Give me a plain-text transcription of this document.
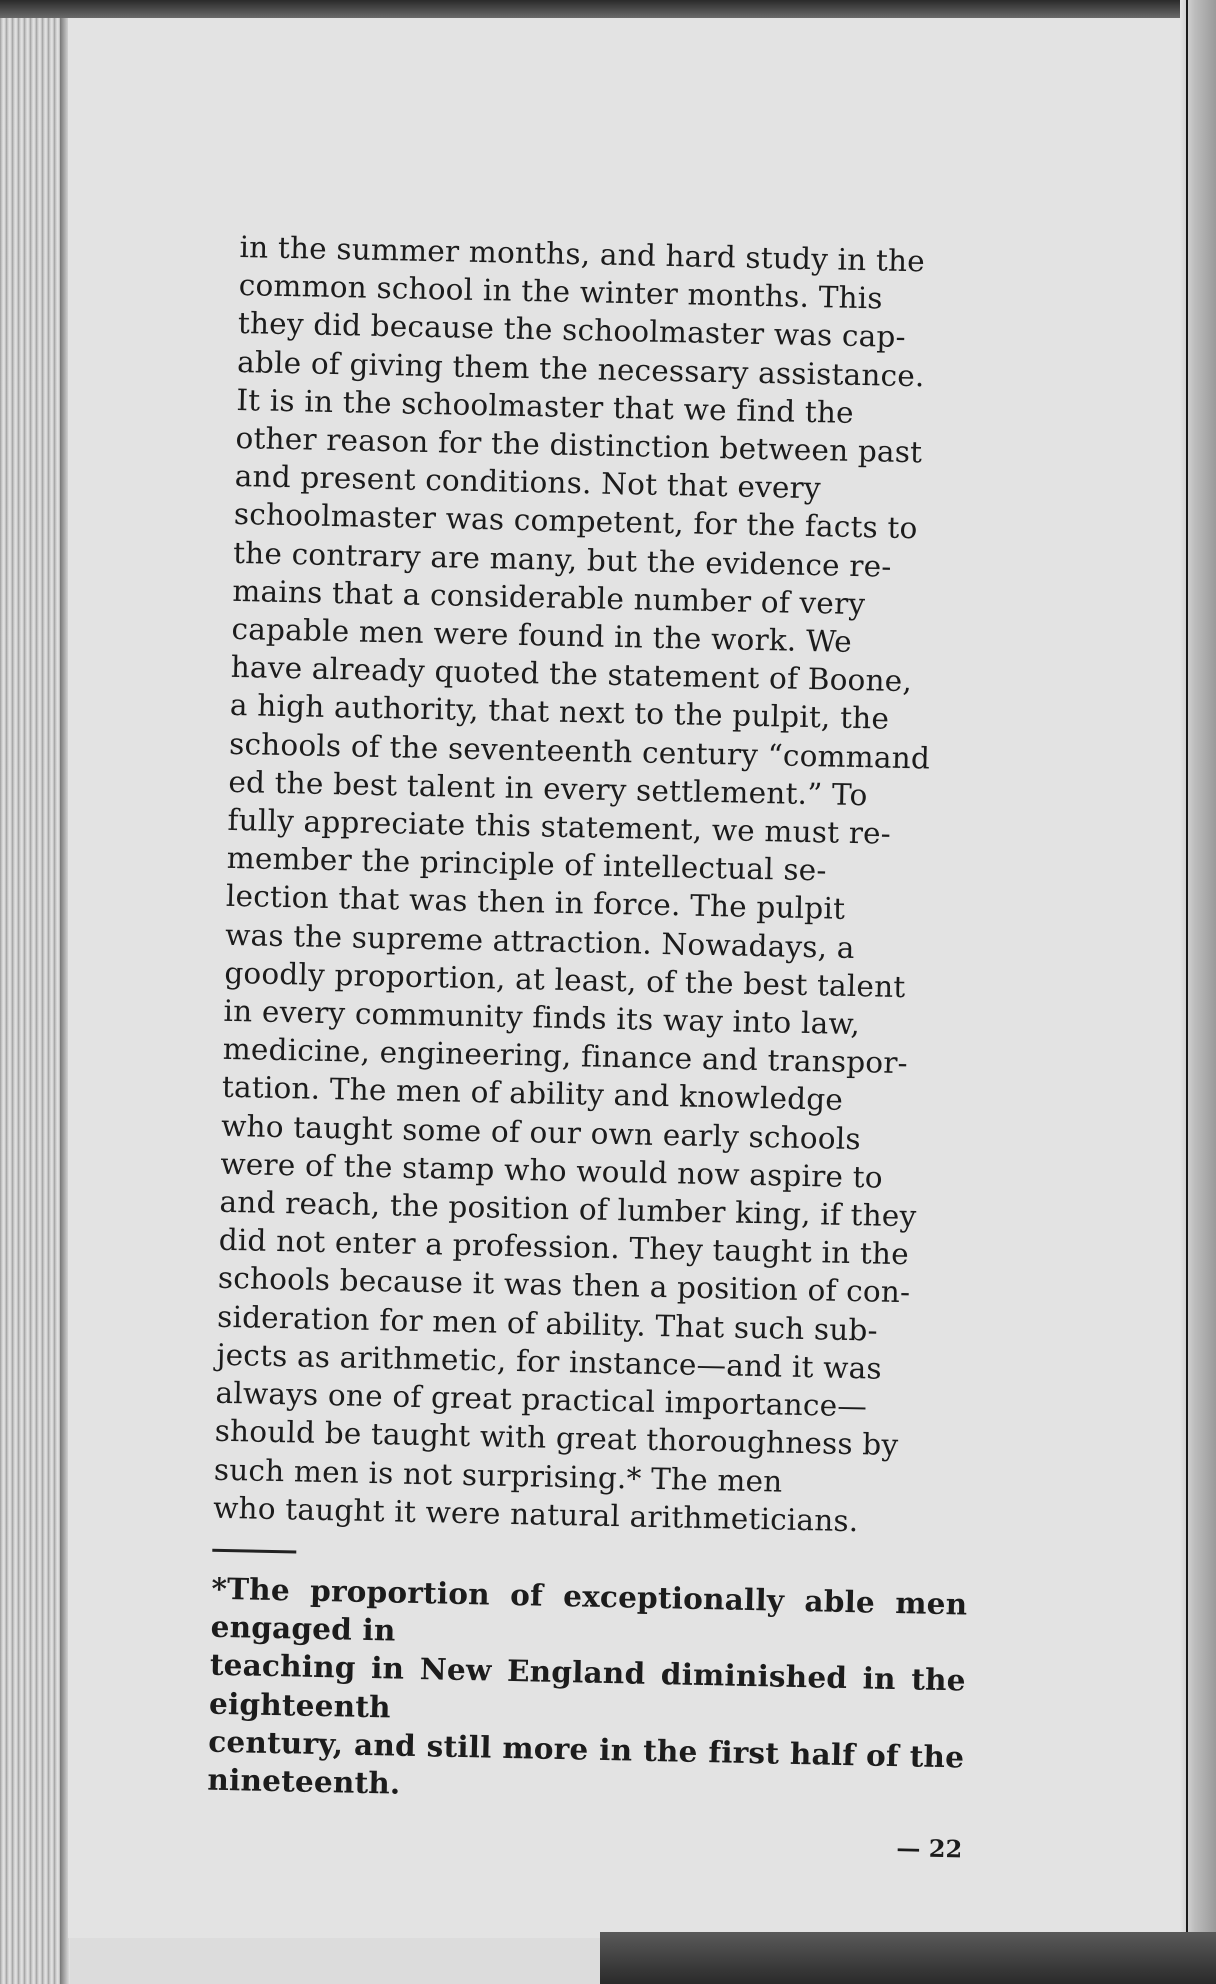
in the summer months, and hard study in the
common school in the winter months. This
they did because the schoolmaster was cap-
able of giving them the necessary assistance.

It is in the schoolmaster that we find the
other reason for the distinction between past
and present conditions. Not that every
schoolmaster was competent, for the facts to
the contrary are many, but the evidence re-
mains that a considerable number of very
capable men were found in the work. We
have already quoted the statement of Boone,
a high authority, that next to the pulpit, the
schools of the seventeenth century “command
ed the best talent in every settlement.” To
fully appreciate this statement, we must re-
member the principle of intellectual se-
lection that was then in force. The pulpit
was the supreme attraction. Nowadays, a
goodly proportion, at least, of the best talent
in every community finds its way into law,
medicine, engineering, finance and transpor-
tation. The men of ability and knowledge
who taught some of our own early schools
were of the stamp who would now aspire to
and reach, the position of lumber king, if they
did not enter a profession. They taught in the
schools because it was then a position of con-
sideration for men of ability. That such sub-
jects as arithmetic, for instance—and it was
always one of great practical importance—
should be taught with great thoroughness by
such men is not surprising.* The men
who taught it were natural arithmeticians.

*The proportion of exceptionally able men engaged in
teaching in New England diminished in the eighteenth
century, and still more in the first half of the nineteenth.

— 22
